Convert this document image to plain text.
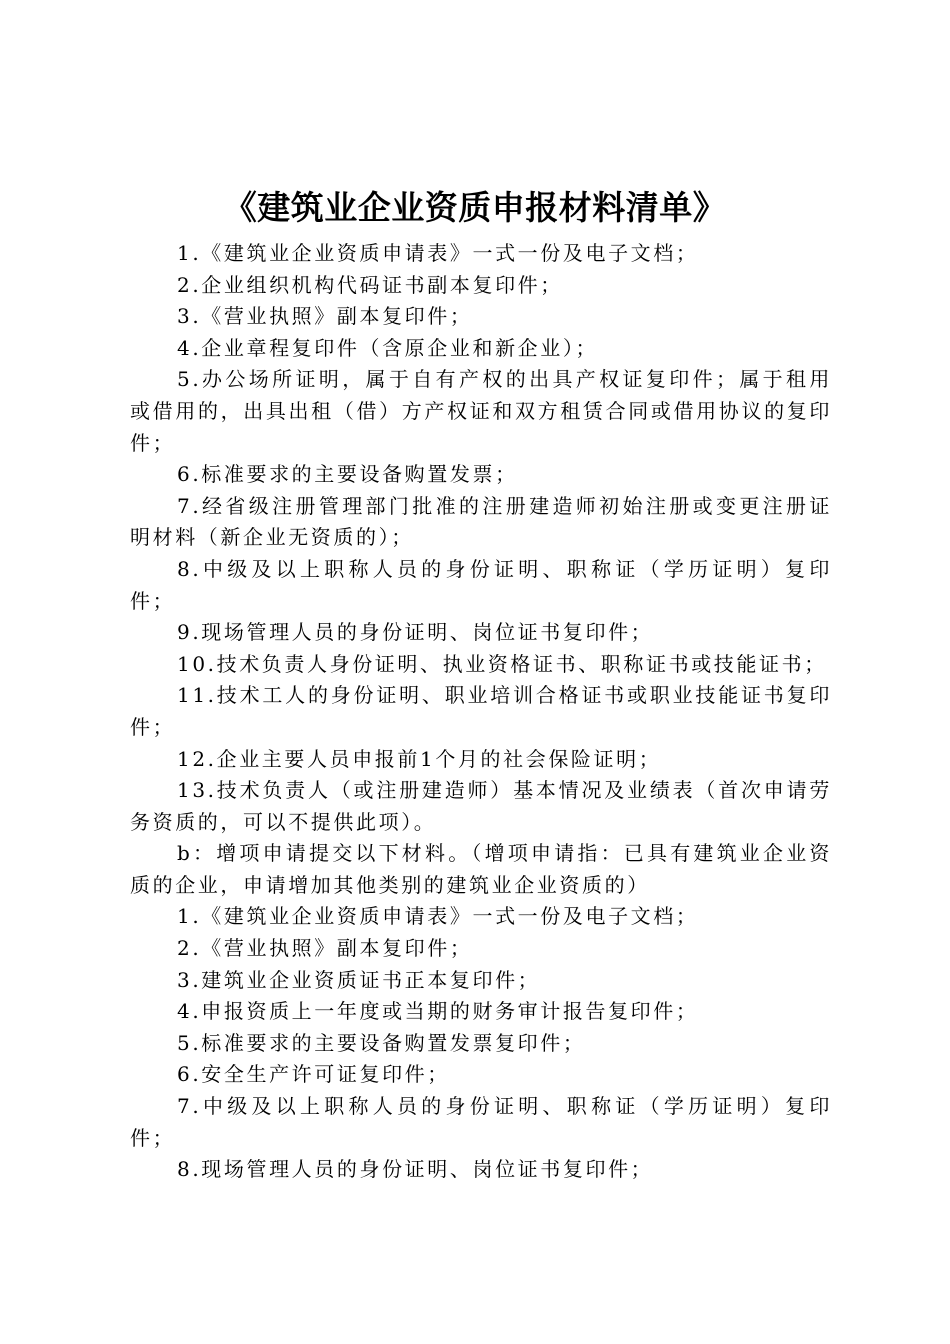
《建筑业企业资质申报材料清单》

1.《建筑业企业资质申请表》一式一份及电子文档；

2.企业组织机构代码证书副本复印件；

3.《营业执照》副本复印件；

4.企业章程复印件（含原企业和新企业）；

5.办公场所证明，属于自有产权的出具产权证复印件；属于租用或借用的，出具出租（借）方产权证和双方租赁合同或借用协议的复印件；

6.标准要求的主要设备购置发票；

7.经省级注册管理部门批准的注册建造师初始注册或变更注册证明材料（新企业无资质的）；

8.中级及以上职称人员的身份证明、职称证（学历证明）复印件；

9.现场管理人员的身份证明、岗位证书复印件；

10.技术负责人身份证明、执业资格证书、职称证书或技能证书；

11.技术工人的身份证明、职业培训合格证书或职业技能证书复印件；

12.企业主要人员申报前1个月的社会保险证明；

13.技术负责人（或注册建造师）基本情况及业绩表（首次申请劳务资质的，可以不提供此项）。

b：增项申请提交以下材料。（增项申请指：已具有建筑业企业资质的企业，申请增加其他类别的建筑业企业资质的）

1.《建筑业企业资质申请表》一式一份及电子文档；

2.《营业执照》副本复印件；

3.建筑业企业资质证书正本复印件；

4.申报资质上一年度或当期的财务审计报告复印件；

5.标准要求的主要设备购置发票复印件；

6.安全生产许可证复印件；

7.中级及以上职称人员的身份证明、职称证（学历证明）复印件；

8.现场管理人员的身份证明、岗位证书复印件；
